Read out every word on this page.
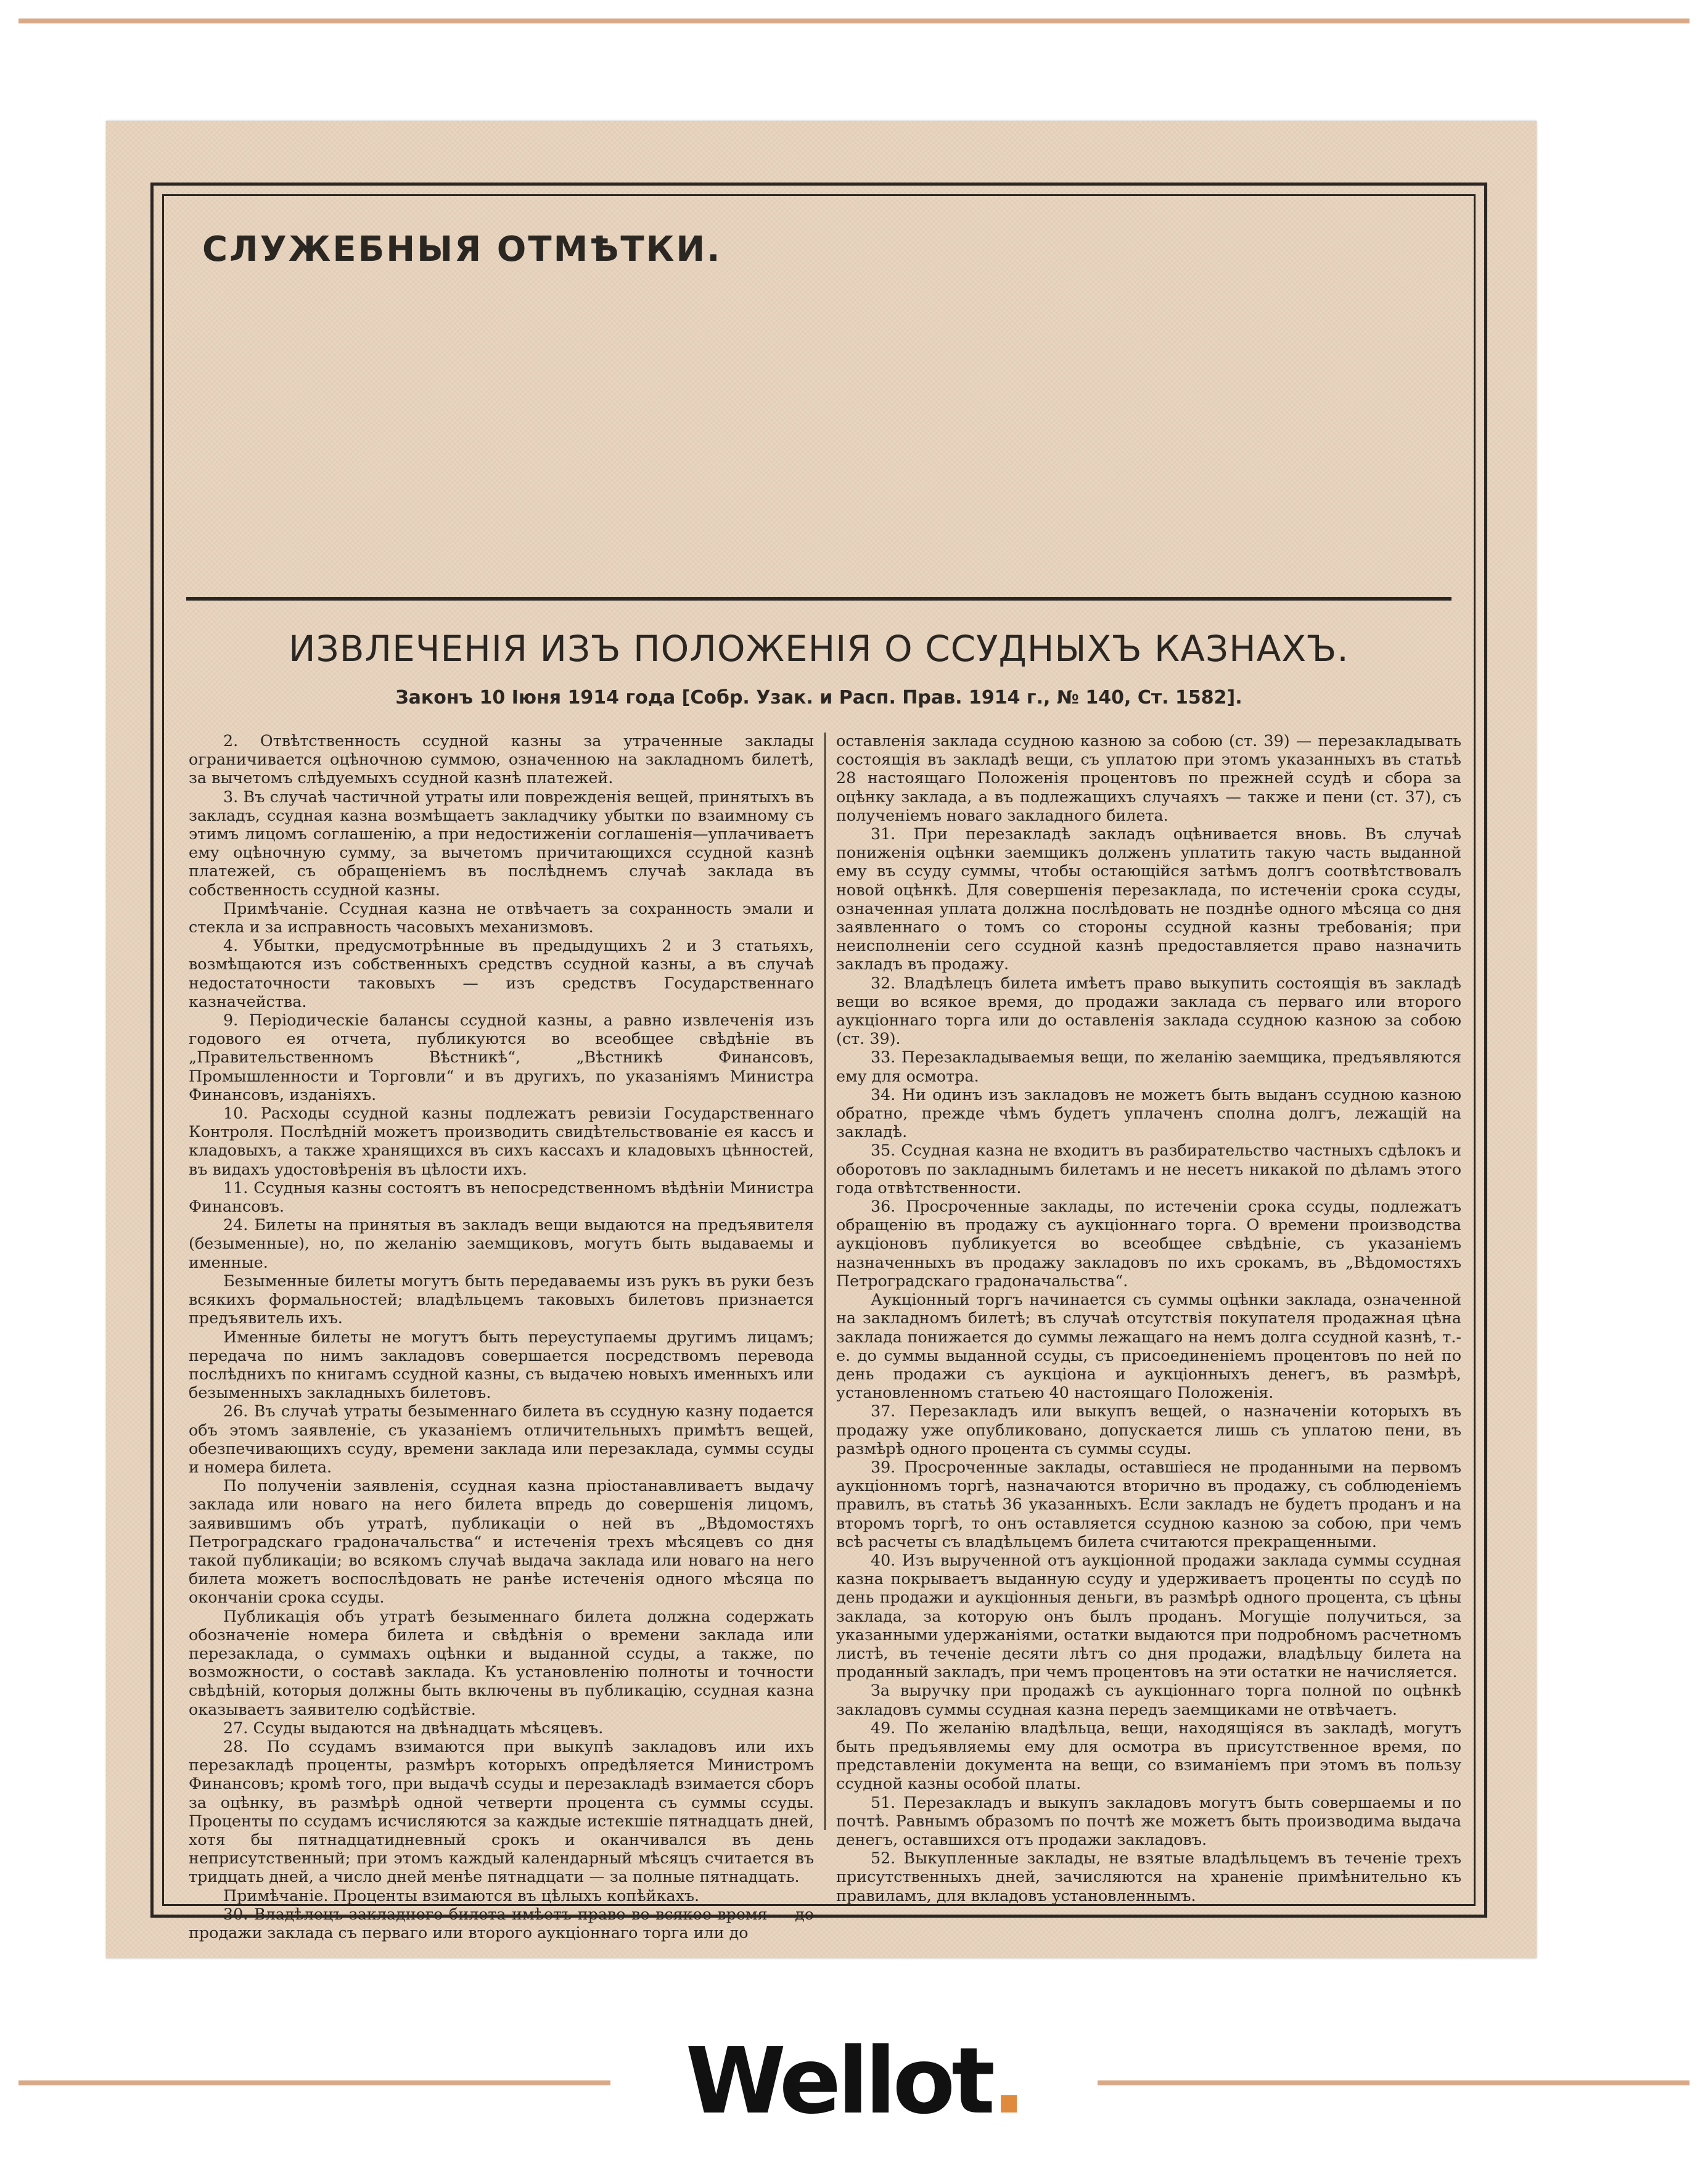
СЛУЖЕБНЫЯ ОТМѢТКИ.
ИЗВЛЕЧЕНІЯ ИЗЪ ПОЛОЖЕНІЯ О ССУДНЫХЪ КАЗНАХЪ.
Законъ 10 Іюня 1914 года [Собр. Узак. и Расп. Прав. 1914 г., № 140, Ст. 1582].

2. Отвѣтственность ссудной казны за утраченные заклады ограничивается оцѣночною суммою, означенною на закладномъ билетѣ, за вычетомъ слѣдуемыхъ ссудной казнѣ платежей.

3. Въ случаѣ частичной утраты или поврежденія вещей, принятыхъ въ закладъ, ссудная казна возмѣщаетъ закладчику убытки по взаимному съ этимъ лицомъ соглашенію, а при недостиженіи соглашенія—уплачиваетъ ему оцѣночную сумму, за вычетомъ причитающихся ссудной казнѣ платежей, съ обращеніемъ въ послѣднемъ случаѣ заклада въ собственность ссудной казны.

Примѣчаніе. Ссудная казна не отвѣчаетъ за сохранность эмали и стекла и за исправность часовыхъ механизмовъ.

4. Убытки, предусмотрѣнные въ предыдущихъ 2 и 3 статьяхъ, возмѣщаются изъ собственныхъ средствъ ссудной казны, а въ случаѣ недостаточности таковыхъ — изъ средствъ Государственнаго казначейства.

9. Періодическіе балансы ссудной казны, а равно извлеченія изъ годового ея отчета, публикуются во всеобщее свѣдѣніе въ „Правительственномъ Вѣстникѣ“, „Вѣстникѣ Финансовъ, Промышленности и Торговли“ и въ другихъ, по указаніямъ Министра Финансовъ, изданіяхъ.

10. Расходы ссудной казны подлежатъ ревизіи Государственнаго Контроля. Послѣдній можетъ производить свидѣтельствованіе ея кассъ и кладовыхъ, а также хранящихся въ сихъ кассахъ и кладовыхъ цѣнностей, въ видахъ удостовѣренія въ цѣлости ихъ.

11. Ссудныя казны состоятъ въ непосредственномъ вѣдѣніи Министра Финансовъ.

24. Билеты на принятыя въ закладъ вещи выдаются на предъявителя (безыменные), но, по желанію заемщиковъ, могутъ быть выдаваемы и именные.

Безыменные билеты могутъ быть передаваемы изъ рукъ въ руки безъ всякихъ формальностей; владѣльцемъ таковыхъ билетовъ признается предъявитель ихъ.

Именные билеты не могутъ быть переуступаемы другимъ лицамъ; передача по нимъ закладовъ совершается посредствомъ перевода послѣднихъ по книгамъ ссудной казны, съ выдачею новыхъ именныхъ или безыменныхъ закладныхъ билетовъ.

26. Въ случаѣ утраты безыменнаго билета въ ссудную казну подается объ этомъ заявленіе, съ указаніемъ отличительныхъ примѣтъ вещей, обезпечивающихъ ссуду, времени заклада или перезаклада, суммы ссуды и номера билета.

По полученіи заявленія, ссудная казна пріостанавливаетъ выдачу заклада или новаго на него билета впредь до совершенія лицомъ, заявившимъ объ утратѣ, публикаціи о ней въ „Вѣдомостяхъ Петроградскаго градоначальства“ и истеченія трехъ мѣсяцевъ со дня такой публикаціи; во всякомъ случаѣ выдача заклада или новаго на него билета можетъ воспослѣдовать не ранѣе истеченія одного мѣсяца по окончаніи срока ссуды.

Публикація объ утратѣ безыменнаго билета должна содержать обозначеніе номера билета и свѣдѣнія о времени заклада или перезаклада, о суммахъ оцѣнки и выданной ссуды, а также, по возможности, о составѣ заклада. Къ установленію полноты и точности свѣдѣній, которыя должны быть включены въ публикацію, ссудная казна оказываетъ заявителю содѣйствіе.

27. Ссуды выдаются на двѣнадцать мѣсяцевъ.

28. По ссудамъ взимаются при выкупѣ закладовъ или ихъ перезакладѣ проценты, размѣръ которыхъ опредѣляется Министромъ Финансовъ; кромѣ того, при выдачѣ ссуды и перезакладѣ взимается сборъ за оцѣнку, въ размѣрѣ одной четверти процента съ суммы ссуды. Проценты по ссудамъ исчисляются за каждые истекшіе пятнадцать дней, хотя бы пятнадцатидневный срокъ и оканчивался въ день неприсутственный; при этомъ каждый календарный мѣсяцъ считается въ тридцать дней, а число дней менѣе пятнадцати — за полные пятнадцать.

Примѣчаніе. Проценты взимаются въ цѣлыхъ копѣйкахъ.

30. Владѣлецъ закладного билета имѣетъ право во всякое время — до продажи заклада съ перваго или второго аукціоннаго торга или до

оставленія заклада ссудною казною за собою (ст. 39) — перезакладывать состоящія въ закладѣ вещи, съ уплатою при этомъ указанныхъ въ статьѣ 28 настоящаго Положенія процентовъ по прежней ссудѣ и сбора за оцѣнку заклада, а въ подлежащихъ случаяхъ — также и пени (ст. 37), съ полученіемъ новаго закладного билета.

31. При перезакладѣ закладъ оцѣнивается вновь. Въ случаѣ пониженія оцѣнки заемщикъ долженъ уплатить такую часть выданной ему въ ссуду суммы, чтобы остающійся затѣмъ долгъ соотвѣтствовалъ новой оцѣнкѣ. Для совершенія перезаклада, по истеченіи срока ссуды, означенная уплата должна послѣдовать не позднѣе одного мѣсяца со дня заявленнаго о томъ со стороны ссудной казны требованія; при неисполненіи сего ссудной казнѣ предоставляется право назначить закладъ въ продажу.

32. Владѣлецъ билета имѣетъ право выкупить состоящія въ закладѣ вещи во всякое время, до продажи заклада съ перваго или второго аукціоннаго торга или до оставленія заклада ссудною казною за собою (ст. 39).

33. Перезакладываемыя вещи, по желанію заемщика, предъявляются ему для осмотра.

34. Ни одинъ изъ закладовъ не можетъ быть выданъ ссудною казною обратно, прежде чѣмъ будетъ уплаченъ сполна долгъ, лежащій на закладѣ.

35. Ссудная казна не входитъ въ разбирательство частныхъ сдѣлокъ и оборотовъ по закладнымъ билетамъ и не несетъ никакой по дѣламъ этого года отвѣтственности.

36. Просроченные заклады, по истеченіи срока ссуды, подлежатъ обращенію въ продажу съ аукціоннаго торга. О времени производства аукціоновъ публикуется во всеобщее свѣдѣніе, съ указаніемъ назначенныхъ въ продажу закладовъ по ихъ срокамъ, въ „Вѣдомостяхъ Петроградскаго градоначальства“.

Аукціонный торгъ начинается съ суммы оцѣнки заклада, означенной на закладномъ билетѣ; въ случаѣ отсутствія покупателя продажная цѣна заклада понижается до суммы лежащаго на немъ долга ссудной казнѣ, т.-е. до суммы выданной ссуды, съ присоединеніемъ процентовъ по ней по день продажи съ аукціона и аукціонныхъ денегъ, въ размѣрѣ, установленномъ статьею 40 настоящаго Положенія.

37. Перезакладъ или выкупъ вещей, о назначеніи которыхъ въ продажу уже опубликовано, допускается лишь съ уплатою пени, въ размѣрѣ одного процента съ суммы ссуды.

39. Просроченные заклады, оставшіеся не проданными на первомъ аукціонномъ торгѣ, назначаются вторично въ продажу, съ соблюденіемъ правилъ, въ статьѣ 36 указанныхъ. Если закладъ не будетъ проданъ и на второмъ торгѣ, то онъ оставляется ссудною казною за собою, при чемъ всѣ расчеты съ владѣльцемъ билета считаются прекращенными.

40. Изъ вырученной отъ аукціонной продажи заклада суммы ссудная казна покрываетъ выданную ссуду и удерживаетъ проценты по ссудѣ по день продажи и аукціонныя деньги, въ размѣрѣ одного процента, съ цѣны заклада, за которую онъ былъ проданъ. Могущіе получиться, за указанными удержаніями, остатки выдаются при подробномъ расчетномъ листѣ, въ теченіе десяти лѣтъ со дня продажи, владѣльцу билета на проданный закладъ, при чемъ процентовъ на эти остатки не начисляется.

За выручку при продажѣ съ аукціоннаго торга полной по оцѣнкѣ закладовъ суммы ссудная казна передъ заемщиками не отвѣчаетъ.

49. По желанію владѣльца, вещи, находящіяся въ закладѣ, могутъ быть предъявляемы ему для осмотра въ присутственное время, по представленіи документа на вещи, со взиманіемъ при этомъ въ пользу ссудной казны особой платы.

51. Перезакладъ и выкупъ закладовъ могутъ быть совершаемы и по почтѣ. Равнымъ образомъ по почтѣ же можетъ быть производима выдача денегъ, оставшихся отъ продажи закладовъ.

52. Выкупленные заклады, не взятые владѣльцемъ въ теченіе трехъ присутственныхъ дней, зачисляются на храненіе примѣнительно къ правиламъ, для вкладовъ установленнымъ.

Wellot.
